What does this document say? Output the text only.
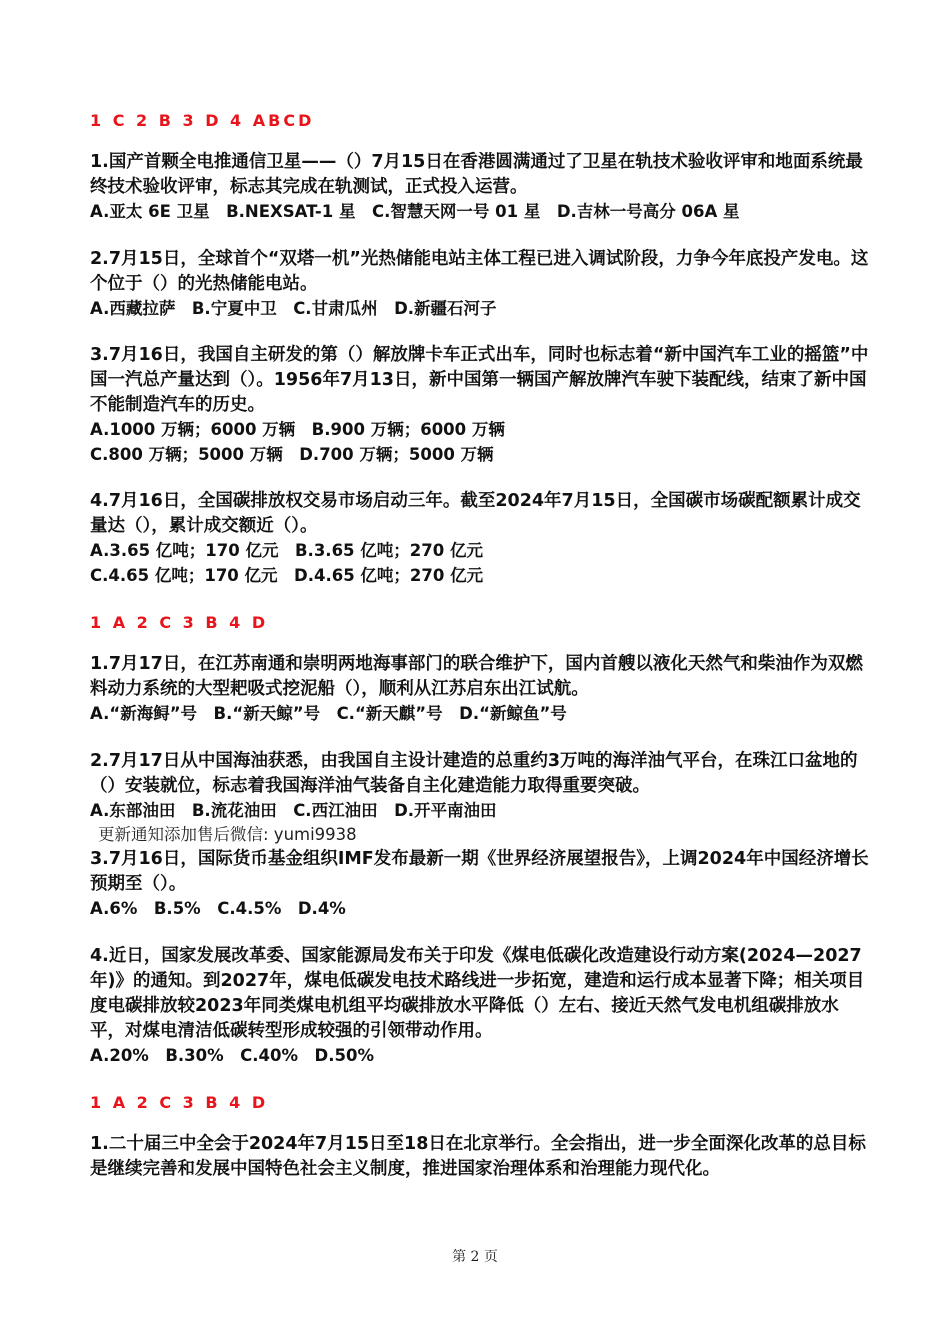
1 C 2 B 3 D 4 ABCD
1.国产首颗全电推通信卫星——（）7月15日在香港圆满通过了卫星在轨技术验收评审和地面系统最终技术验收评审，标志其完成在轨测试，正式投入运营。
A.亚太 6E 卫星　B.NEXSAT-1 星　C.智慧天网一号 01 星　D.吉林一号高分 06A 星
2.7月15日，全球首个“双塔一机”光热储能电站主体工程已进入调试阶段，力争今年底投产发电。这个位于（）的光热储能电站。
A.西藏拉萨　B.宁夏中卫　C.甘肃瓜州　D.新疆石河子
3.7月16日，我国自主研发的第（）解放牌卡车正式出车，同时也标志着“新中国汽车工业的摇篮”中国一汽总产量达到（）。1956年7月13日，新中国第一辆国产解放牌汽车驶下装配线，结束了新中国不能制造汽车的历史。
A.1000 万辆；6000 万辆　B.900 万辆；6000 万辆
C.800 万辆；5000 万辆　D.700 万辆；5000 万辆
4.7月16日，全国碳排放权交易市场启动三年。截至2024年7月15日，全国碳市场碳配额累计成交量达（），累计成交额近（）。
A.3.65 亿吨；170 亿元　B.3.65 亿吨；270 亿元
C.4.65 亿吨；170 亿元　D.4.65 亿吨；270 亿元
1 A 2 C 3 B 4 D
1.7月17日，在江苏南通和崇明两地海事部门的联合维护下，国内首艘以液化天然气和柴油作为双燃料动力系统的大型耙吸式挖泥船（），顺利从江苏启东出江试航。
A.“新海鲟”号　B.“新天鲸”号　C.“新天麒”号　D.“新鲸鱼”号
2.7月17日从中国海油获悉，由我国自主设计建造的总重约3万吨的海洋油气平台，在珠江口盆地的（）安装就位，标志着我国海洋油气装备自主化建造能力取得重要突破。
A.东部油田　B.流花油田　C.西江油田　D.开平南油田
更新通知添加售后微信: yumi9938
3.7月16日，国际货币基金组织IMF发布最新一期《世界经济展望报告》，上调2024年中国经济增长预期至（）。
A.6%　B.5%　C.4.5%　D.4%
4.近日，国家发展改革委、国家能源局发布关于印发《煤电低碳化改造建设行动方案(2024—2027年)》的通知。到2027年，煤电低碳发电技术路线进一步拓宽，建造和运行成本显著下降；相关项目度电碳排放较2023年同类煤电机组平均碳排放水平降低（）左右、接近天然气发电机组碳排放水平，对煤电清洁低碳转型形成较强的引领带动作用。
A.20%　B.30%　C.40%　D.50%
1 A 2 C 3 B 4 D
1.二十届三中全会于2024年7月15日至18日在北京举行。全会指出，进一步全面深化改革的总目标是继续完善和发展中国特色社会主义制度，推进国家治理体系和治理能力现代化。
第 2 页
